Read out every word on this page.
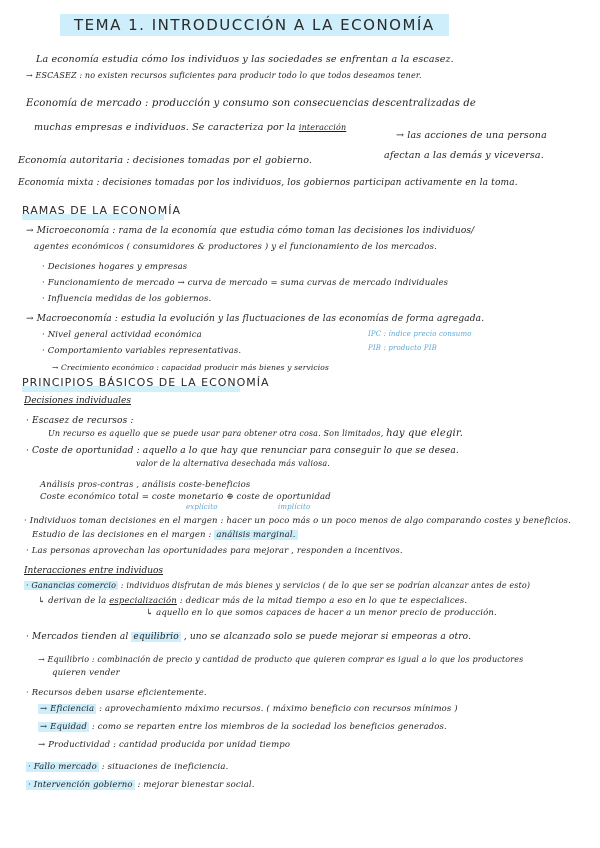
TEMA 1. INTRODUCCIÓN A LA ECONOMÍA
La economía estudia cómo los individuos y las sociedades se enfrentan a la escasez.
→ ESCASEZ : no existen recursos suficientes para producir todo lo que todos deseamos tener.
Economía de mercado : producción y consumo son consecuencias descentralizadas de
muchas empresas e individuos. Se caracteriza por la interacción
→ las acciones de una persona
Economía autoritaria : decisiones tomadas por el gobierno.	afectan a las demás y viceversa.
Economía mixta : decisiones tomadas por los individuos, los gobiernos participan activamente en la toma.
RAMAS DE LA ECONOMÍA
→ Microeconomía : rama de la economía que estudia cómo toman las decisiones los individuos/
agentes económicos ( consumidores & productores ) y el funcionamiento de los mercados.
· Decisiones hogares y empresas
· Funcionamiento de mercado → curva de mercado = suma curvas de mercado individuales
· Influencia medidas de los gobiernos.
→ Macroeconomía : estudia la evolución y las fluctuaciones de las economías de forma agregada.
· Nivel general actividad económica
· Comportamiento variables representativas.
→ Crecimiento económico : capacidad producir más bienes y servicios
IPC : índice precio consumo
PIB : producto PIB
PRINCIPIOS BÁSICOS DE LA ECONOMÍA
Decisiones individuales
· Escasez de recursos :
Un recurso es aquello que se puede usar para obtener otra cosa. Son limitados, hay que elegir.
· Coste de oportunidad : aquello a lo que hay que renunciar para conseguir lo que se desea.
valor de la alternativa desechada más valiosa.
Análisis pros-contras , análisis coste-beneficios
Coste económico total = coste monetario ⊕ coste de oportunidad
explícito	implícito
· Individuos toman decisiones en el margen : hacer un poco más o un poco menos de algo comparando costes y beneficios.
Estudio de las decisiones en el margen : análisis marginal.
· Las personas aprovechan las oportunidades para mejorar , responden a incentivos.
Interacciones entre individuos
· Ganancias comercio : individuos disfrutan de más bienes y servicios ( de lo que ser se podrían alcanzar antes de esto)
↳ derivan de la especialización : dedicar más de la mitad tiempo a eso en lo que te especialices.
↳ aquello en lo que somos capaces de hacer a un menor precio de producción.
· Mercados tienden al equilibrio , uno se alcanzado solo se puede mejorar si empeoras a otro.
→ Equilibrio : combinación de precio y cantidad de producto que quieren comprar es igual a lo que los productores
quieren vender
· Recursos deben usarse eficientemente.
→ Eficiencia : aprovechamiento máximo recursos. ( máximo beneficio con recursos mínimos )
→ Equidad : como se reparten entre los miembros de la sociedad los beneficios generados.
→ Productividad : cantidad producida por unidad tiempo
· Fallo mercado : situaciones de ineficiencia.
· Intervención gobierno : mejorar bienestar social.
